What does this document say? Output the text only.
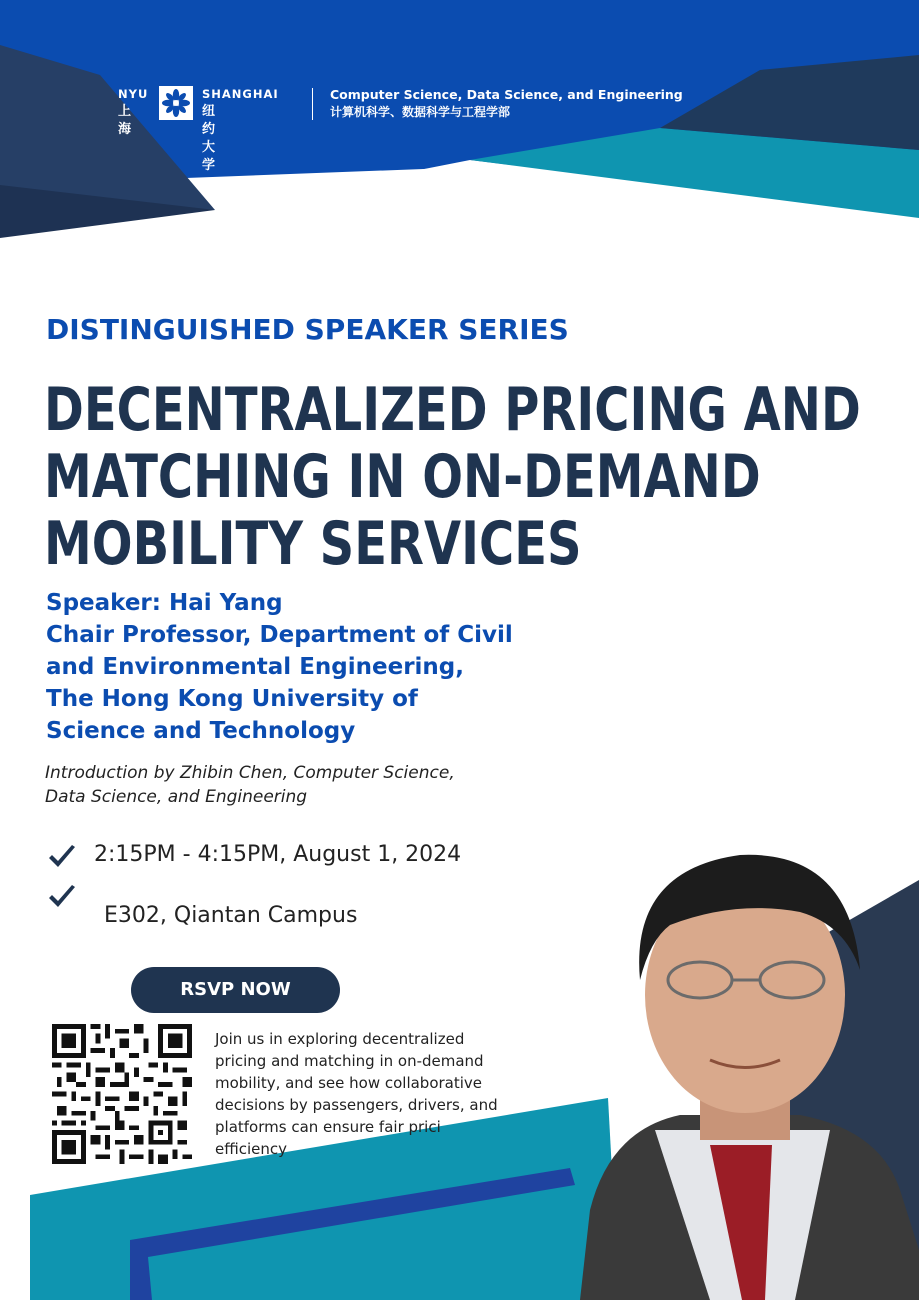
NYU
上海
SHANGHAI
纽约大学
Computer Science, Data Science, and Engineering
计算机科学、数据科学与工程学部
DISTINGUISHED SPEAKER SERIES
DECENTRALIZED PRICING AND
MATCHING IN ON-DEMAND
MOBILITY SERVICES
Speaker: Hai Yang
Chair Professor, Department of Civil
and Environmental Engineering,
The Hong Kong University of
Science and Technology
Introduction by Zhibin Chen, Computer Science,
Data Science, and Engineering
2:15PM - 4:15PM, August 1, 2024
E302, Qiantan Campus
RSVP NOW
Join us in exploring decentralized
pricing and matching in on-demand
mobility, and see how collaborative
decisions by passengers, drivers, and
platforms can ensure fair prici
efficiency
